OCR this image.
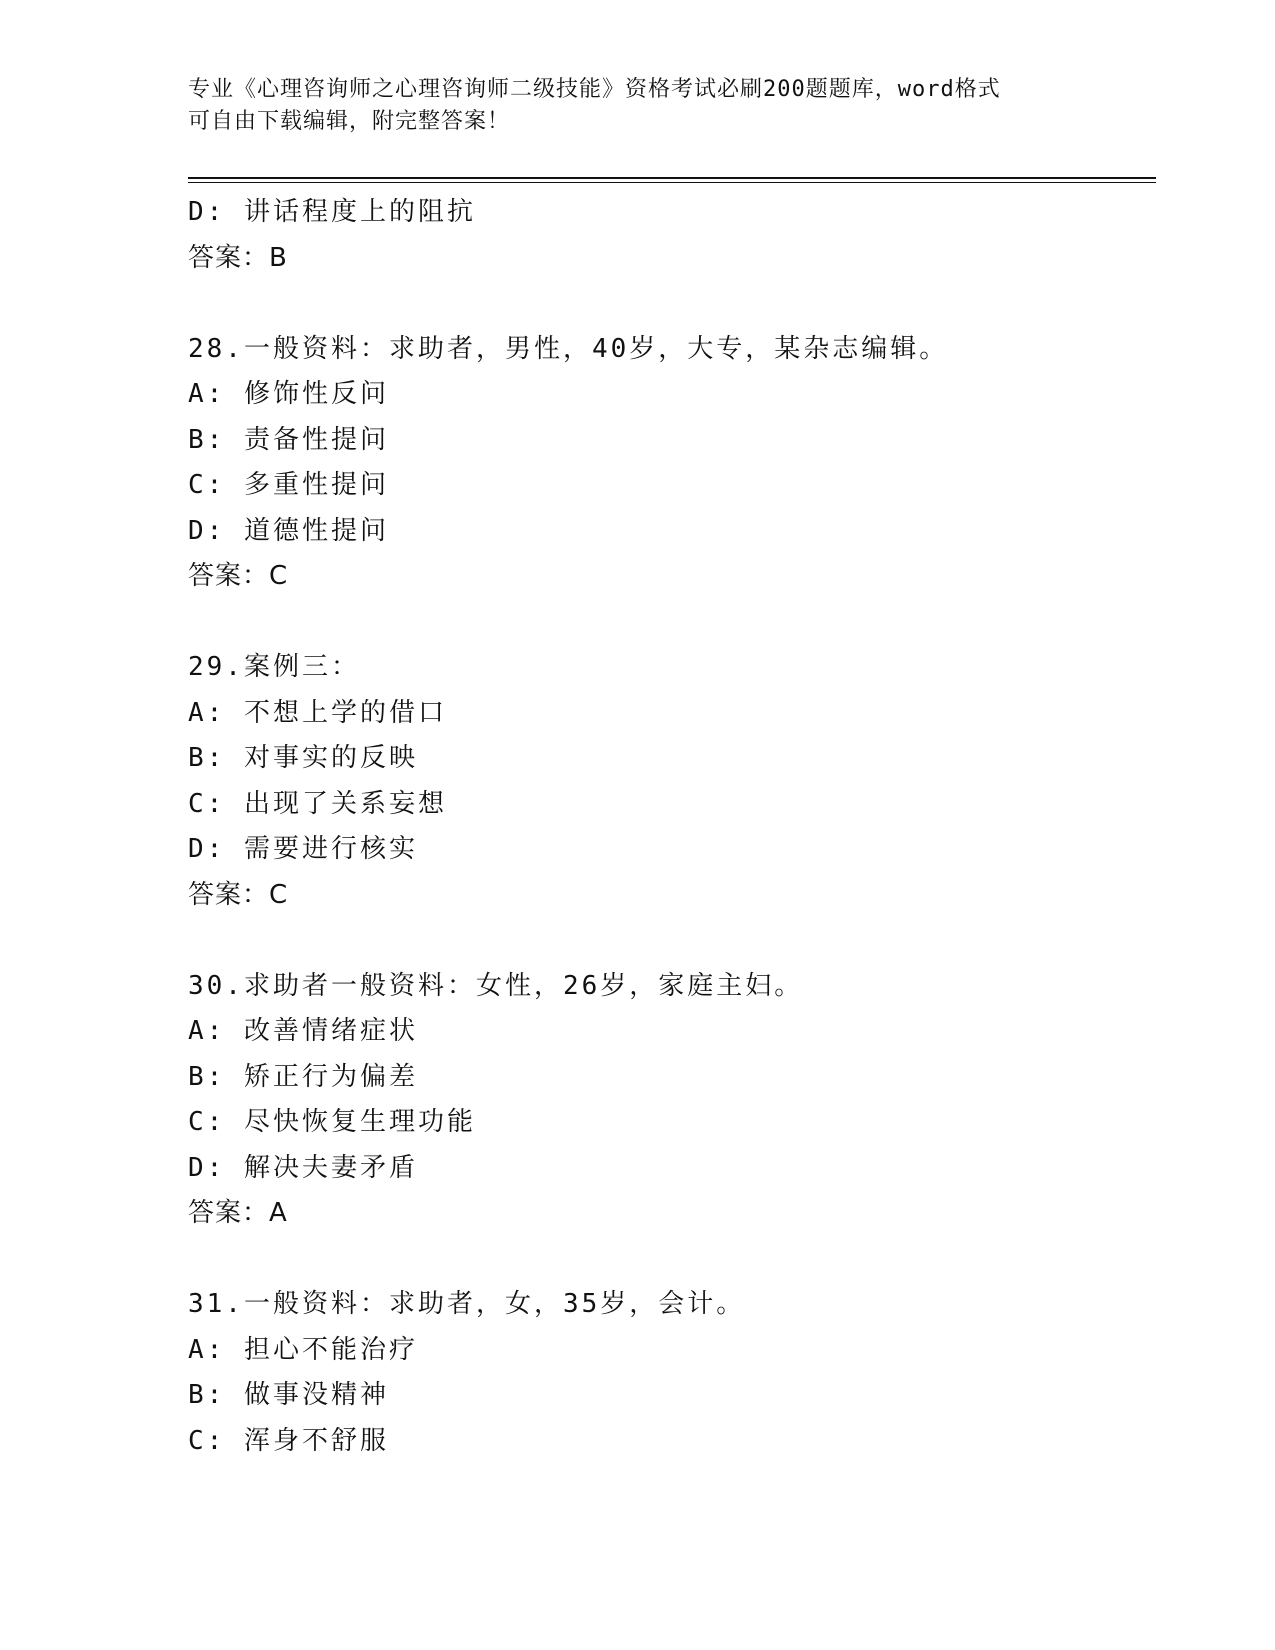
专业《心理咨询师之心理咨询师二级技能》资格考试必刷200题题库，word格式
可自由下载编辑，附完整答案！
D: 讲话程度上的阻抗
答案：B
28.一般资料：求助者，男性，40岁，大专，某杂志编辑。
A: 修饰性反问
B: 责备性提问
C: 多重性提问
D: 道德性提问
答案：C
29.案例三：
A: 不想上学的借口
B: 对事实的反映
C: 出现了关系妄想
D: 需要进行核实
答案：C
30.求助者一般资料：女性，26岁，家庭主妇。
A: 改善情绪症状
B: 矫正行为偏差
C: 尽快恢复生理功能
D: 解决夫妻矛盾
答案：A
31.一般资料：求助者，女，35岁，会计。
A: 担心不能治疗
B: 做事没精神
C: 浑身不舒服
